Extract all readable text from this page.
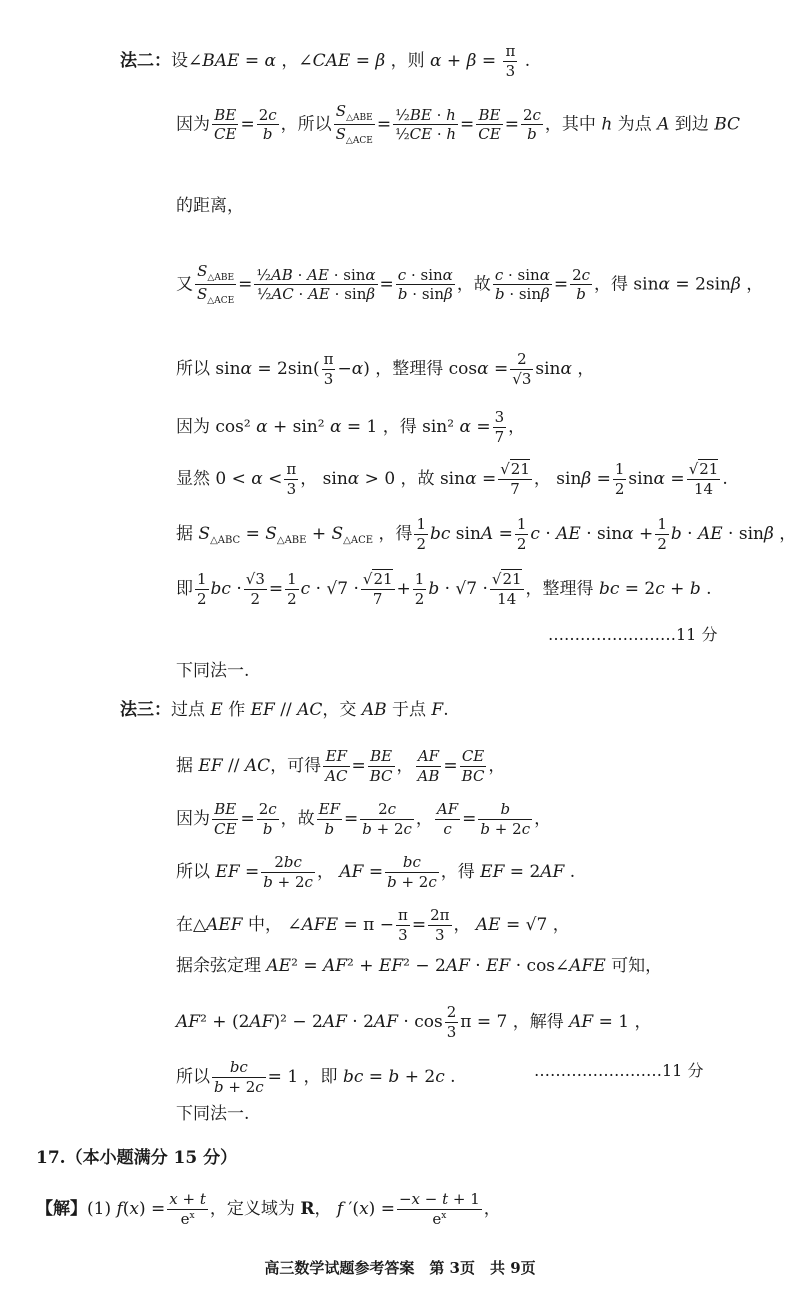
法二：设∠BAE = α ，∠CAE = β ，则 $\alpha + \beta = \frac{\pi}{3}$ .
因为 $\frac{BE}{CE} = \frac{2c}{b}$ ，所以 $\frac{S_{\triangle ABE}}{S_{\triangle ACE}} = \frac{\text{½BE · h}}{\text{½CE · h}} = \frac{BE}{CE} = \frac{2c}{b}$ ，其中 h 为点 A 到边 BC
的距离，
又 $\frac{S_{\triangle ABE}}{S_{\triangle ACE}} = \frac{\text{½AB · AE · sinα}}{\text{½AC · AE · sinβ}} = \frac{c \cdot \sin\alpha}{b \cdot \sin\beta}$ ，故 $\frac{c \cdot \sin\alpha}{b \cdot \sin\beta} = \frac{2c}{b}$ ，得 sinα = 2sinβ ，
所以 $\sin\alpha = 2\sin( \frac{\pi}{3} -\alpha)$ ，整理得 $\cos\alpha = \frac{2}{√3}$ sinα ，
因为 cos² α + sin² α = 1 ，得 sin² $\alpha = \frac{3}{7}$ ，
显然 $0 < \alpha < \frac{\pi}{3}$ ， sinα > 0 ，故 $\sin\alpha = \frac{√21}{7}$ ， $\sin\beta = \frac{1}{2}$ $\sin\alpha = \frac{√21}{14}$ .
据 $S_{\triangle ABC} = S_{\triangle ABE} + S_{\triangle ACE}$ ，得 $\frac{1}{2}$ bc $\sin A = \frac{1}{2}$ c · AE · $\sin\alpha + \frac{1}{2}$ b · AE · sinβ ，
即 $\frac{1}{2}$ bc · $\frac{√3}{2} = \frac{1}{2}$ $c \cdot √7 \cdot \frac{√21}{7} + \frac{1}{2}$ $b \cdot √7 \cdot \frac{√21}{14}$ ，整理得 bc = 2c + b .
……………………11 分
下同法一.
法三：过点 E 作 EF // AC，交 AB 于点 F.
据 EF // AC，可得 $\frac{EF}{AC} = \frac{BE}{BC}$ ， $\frac{AF}{AB} = \frac{CE}{BC}$ ，
因为 $\frac{BE}{CE} = \frac{2c}{b}$ ，故 $\frac{EF}{b} = \frac{2c}{b + 2c}$ ， $\frac{AF}{c} = \frac{b}{b + 2c}$ ，
所以 EF = $\frac{2bc}{b + 2c}$ ， AF = $\frac{bc}{b + 2c}$ ，得 EF = 2AF .
在△AEF 中， ∠AFE = $\pi - \frac{\pi}{3} = \frac{2\pi}{3}$ ， AE = √7 ，
据余弦定理 AE² = AF² + EF² − 2AF · EF · cos∠AFE 可知，
$AF^2 + (2AF)^2 - 2AF \cdot 2AF \cdot \cos \frac{2}{3}$ π = 7 ，解得 AF = 1 ，
所以 $\frac{bc}{b + 2c} = 1$ ，即 bc = b + 2c .	……………………11 分
下同法一.
17.（本小题满分 15 分）
【解】(1) $f(x) = \frac{x + t}{e^x}$ ，定义域为 R， f $'(x) = \frac{-x - t + 1}{e^x}$ ，
高三数学试题参考答案　第 3页　共 9页
